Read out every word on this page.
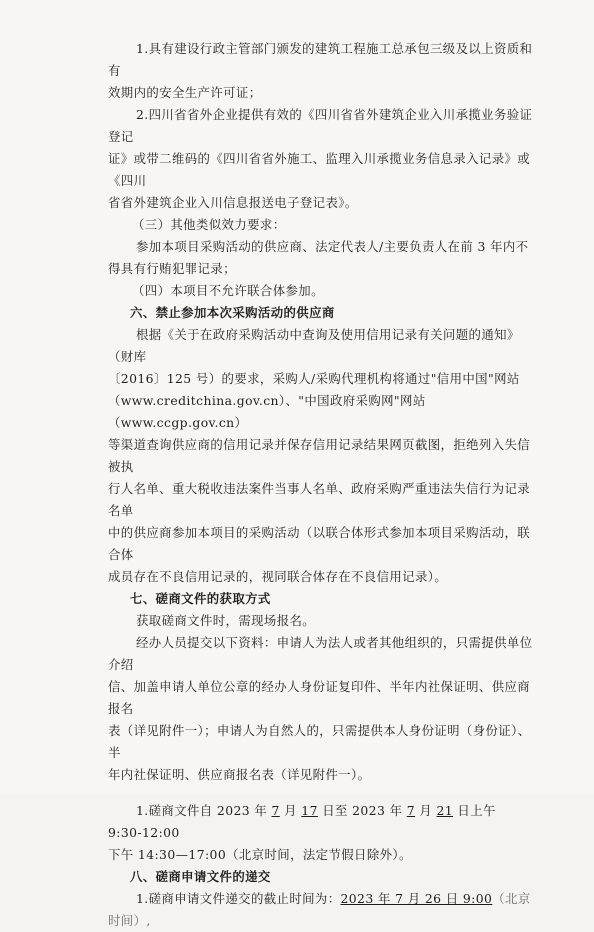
1.具有建设行政主管部门颁发的建筑工程施工总承包三级及以上资质和有

效期内的安全生产许可证；

2.四川省省外企业提供有效的《四川省省外建筑企业入川承揽业务验证登记

证》或带二维码的《四川省省外施工、监理入川承揽业务信息录入记录》或《四川

省省外建筑企业入川信息报送电子登记表》。

（三）其他类似效力要求：

参加本项目采购活动的供应商、法定代表人/主要负责人在前 3 年内不

得具有行贿犯罪记录；

（四）本项目不允许联合体参加。

六、禁止参加本次采购活动的供应商

根据《关于在政府采购活动中查询及使用信用记录有关问题的通知》（财库

〔2016〕125 号）的要求，采购人/采购代理机构将通过"信用中国"网站

（www.creditchina.gov.cn）、"中国政府采购网"网站（www.ccgp.gov.cn）

等渠道查询供应商的信用记录并保存信用记录结果网页截图，拒绝列入失信被执

行人名单、重大税收违法案件当事人名单、政府采购严重违法失信行为记录名单

中的供应商参加本项目的采购活动（以联合体形式参加本项目采购活动，联合体

成员存在不良信用记录的，视同联合体存在不良信用记录）。

七、磋商文件的获取方式

获取磋商文件时，需现场报名。

经办人员提交以下资料：申请人为法人或者其他组织的，只需提供单位介绍

信、加盖申请人单位公章的经办人身份证复印件、半年内社保证明、供应商报名

表（详见附件一）；申请人为自然人的，只需提供本人身份证明（身份证）、半

年内社保证明、供应商报名表（详见附件一）。

1.磋商文件自 2023 年 7 月 17 日至 2023 年 7 月 21 日上午 9:30-12:00

下午 14:30—17:00（北京时间，法定节假日除外）。

八、磋商申请文件的递交

1.磋商申请文件递交的截止时间为：2023 年 7 月 26 日 9:00（北京时间）,
